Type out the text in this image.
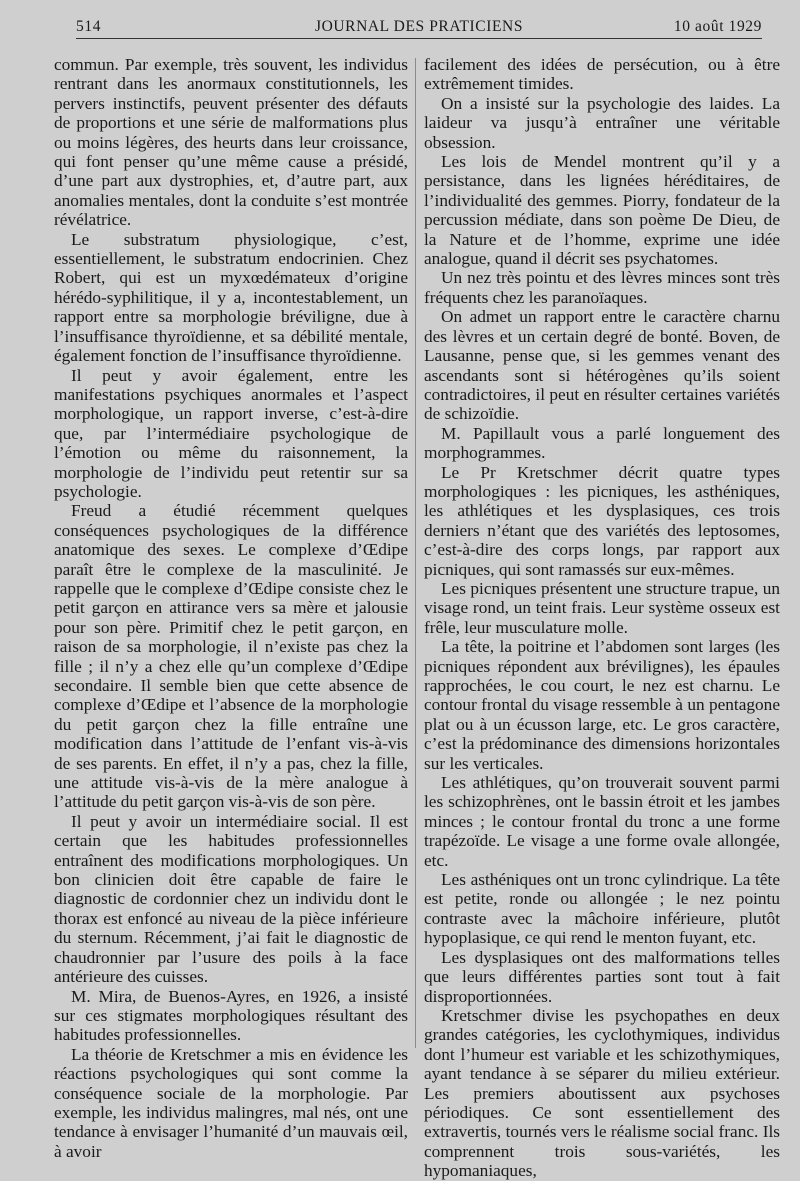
514	JOURNAL DES PRATICIENS	10 août 1929

commun. Par exemple, très souvent, les individus rentrant dans les anormaux constitutionnels, les pervers instinctifs, peuvent présenter des défauts de proportions et une série de malformations plus ou moins légères, des heurts dans leur croissance, qui font penser qu’une même cause a présidé, d’une part aux dystrophies, et, d’autre part, aux anomalies mentales, dont la conduite s’est montrée révélatrice.

Le substratum physiologique, c’est, essentiellement, le substratum endocrinien. Chez Robert, qui est un myxœdémateux d’origine hérédo-syphilitique, il y a, incontestablement, un rapport entre sa morphologie bréviligne, due à l’insuffisance thyroïdienne, et sa débilité mentale, également fonction de l’insuffisance thyroïdienne.

Il peut y avoir également, entre les manifestations psychiques anormales et l’aspect morphologique, un rapport inverse, c’est-à-dire que, par l’intermédiaire psychologique de l’émotion ou même du raisonnement, la morphologie de l’individu peut retentir sur sa psychologie.

Freud a étudié récemment quelques conséquences psychologiques de la différence anatomique des sexes. Le complexe d’Œdipe paraît être le complexe de la masculinité. Je rappelle que le complexe d’Œdipe consiste chez le petit garçon en attirance vers sa mère et jalousie pour son père. Primitif chez le petit garçon, en raison de sa morphologie, il n’existe pas chez la fille ; il n’y a chez elle qu’un complexe d’Œdipe secondaire. Il semble bien que cette absence de complexe d’Œdipe et l’absence de la morphologie du petit garçon chez la fille entraîne une modification dans l’attitude de l’enfant vis-à-vis de ses parents. En effet, il n’y a pas, chez la fille, une attitude vis-à-vis de la mère analogue à l’attitude du petit garçon vis-à-vis de son père.

Il peut y avoir un intermédiaire social. Il est certain que les habitudes professionnelles entraînent des modifications morphologiques. Un bon clinicien doit être capable de faire le diagnostic de cordonnier chez un individu dont le thorax est enfoncé au niveau de la pièce inférieure du sternum. Récemment, j’ai fait le diagnostic de chaudronnier par l’usure des poils à la face antérieure des cuisses.

M. Mira, de Buenos-Ayres, en 1926, a insisté sur ces stigmates morphologiques résultant des habitudes professionnelles.

La théorie de Kretschmer a mis en évidence les réactions psychologiques qui sont comme la conséquence sociale de la morphologie. Par exemple, les individus malingres, mal nés, ont une tendance à envisager l’humanité d’un mauvais œil, à avoir

facilement des idées de persécution, ou à être extrêmement timides.

On a insisté sur la psychologie des laides. La laideur va jusqu’à entraîner une véritable obsession.

Les lois de Mendel montrent qu’il y a persistance, dans les lignées héréditaires, de l’individualité des gemmes. Piorry, fondateur de la percussion médiate, dans son poème De Dieu, de la Nature et de l’homme, exprime une idée analogue, quand il décrit ses psychatomes.

Un nez très pointu et des lèvres minces sont très fréquents chez les paranoïaques.

On admet un rapport entre le caractère charnu des lèvres et un certain degré de bonté. Boven, de Lausanne, pense que, si les gemmes venant des ascendants sont si hétérogènes qu’ils soient contradictoires, il peut en résulter certaines variétés de schizoïdie.

M. Papillault vous a parlé longuement des morphogrammes.

Le Pr Kretschmer décrit quatre types morphologiques : les picniques, les asthéniques, les athlétiques et les dysplasiques, ces trois derniers n’étant que des variétés des leptosomes, c’est-à-dire des corps longs, par rapport aux picniques, qui sont ramassés sur eux-mêmes.

Les picniques présentent une structure trapue, un visage rond, un teint frais. Leur système osseux est frêle, leur musculature molle.

La tête, la poitrine et l’abdomen sont larges (les picniques répondent aux brévilignes), les épaules rapprochées, le cou court, le nez est charnu. Le contour frontal du visage ressemble à un pentagone plat ou à un écusson large, etc. Le gros caractère, c’est la prédominance des dimensions horizontales sur les verticales.

Les athlétiques, qu’on trouverait souvent parmi les schizophrènes, ont le bassin étroit et les jambes minces ; le contour frontal du tronc a une forme trapézoïde. Le visage a une forme ovale allongée, etc.

Les asthéniques ont un tronc cylindrique. La tête est petite, ronde ou allongée ; le nez pointu contraste avec la mâchoire inférieure, plutôt hypoplasique, ce qui rend le menton fuyant, etc.

Les dysplasiques ont des malformations telles que leurs différentes parties sont tout à fait disproportionnées.

Kretschmer divise les psychopathes en deux grandes catégories, les cyclothymiques, individus dont l’humeur est variable et les schizothymiques, ayant tendance à se séparer du milieu extérieur. Les premiers aboutissent aux psychoses périodiques. Ce sont essentiellement des extravertis, tournés vers le réalisme social franc. Ils comprennent trois sous-variétés, les hypomaniaques,
